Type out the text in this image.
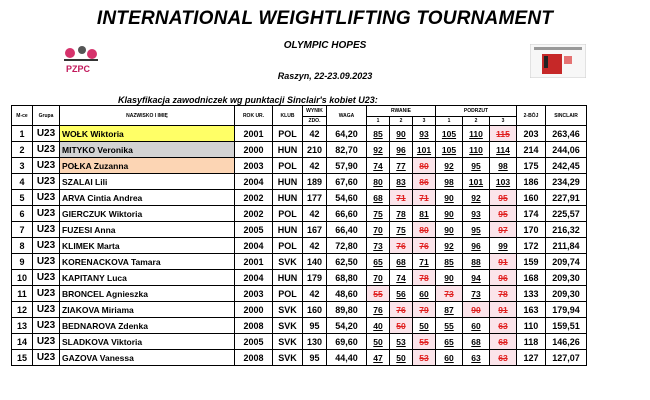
INTERNATIONAL WEIGHTLIFTING TOURNAMENT
PZPC
OLYMPIC HOPES
Raszyn, 22-23.09.2023
Klasyfikacja zawodniczek wg punktacji Sinclair's kobiet U23:
M-ce	Grupa	NAZWISKO I IMIĘ	ROK UR.	KLUB	WYNIK	WAGA	RWANIE			PODRZUT			2-BÓJ	SINCLAIR
					ZDO.		1	2	3	1	2	3		
1	U23	WOŁK Wiktoria	2001	POL	42	64,20	85	90	93	105	110	115	203	263,46
2	U23	MITYKO Veronika	2000	HUN	210	82,70	92	96	101	105	110	114	214	244,06
3	U23	POŁKA Zuzanna	2003	POL	42	57,90	74	77	80	92	95	98	175	242,45
4	U23	SZALAI Lili	2004	HUN	189	67,60	80	83	86	98	101	103	186	234,29
5	U23	ARVA Cintia Andrea	2002	HUN	177	54,60	68	71	71	90	92	95	160	227,91
6	U23	GIERCZUK Wiktoria	2002	POL	42	66,60	75	78	81	90	93	95	174	225,57
7	U23	FUZESI Anna	2005	HUN	167	66,40	70	75	80	90	95	97	170	216,32
8	U23	KLIMEK Marta	2004	POL	42	72,80	73	76	76	92	96	99	172	211,84
9	U23	KORENACKOVA Tamara	2001	SVK	140	62,50	65	68	71	85	88	91	159	209,74
10	U23	KAPITANY Luca	2004	HUN	179	68,80	70	74	78	90	94	96	168	209,30
11	U23	BRONCEL Agnieszka	2003	POL	42	48,60	55	56	60	73	73	78	133	209,30
12	U23	ZIAKOVA Miriama	2000	SVK	160	89,80	76	76	79	87	90	91	163	179,94
13	U23	BEDNAROVA Zdenka	2008	SVK	95	54,20	40	50	50	55	60	63	110	159,51
14	U23	SLADKOVA Viktoria	2005	SVK	130	69,60	50	53	55	65	68	68	118	146,26
15	U23	GAZOVA Vanessa	2008	SVK	95	44,40	47	50	53	60	63	63	127	127,07
